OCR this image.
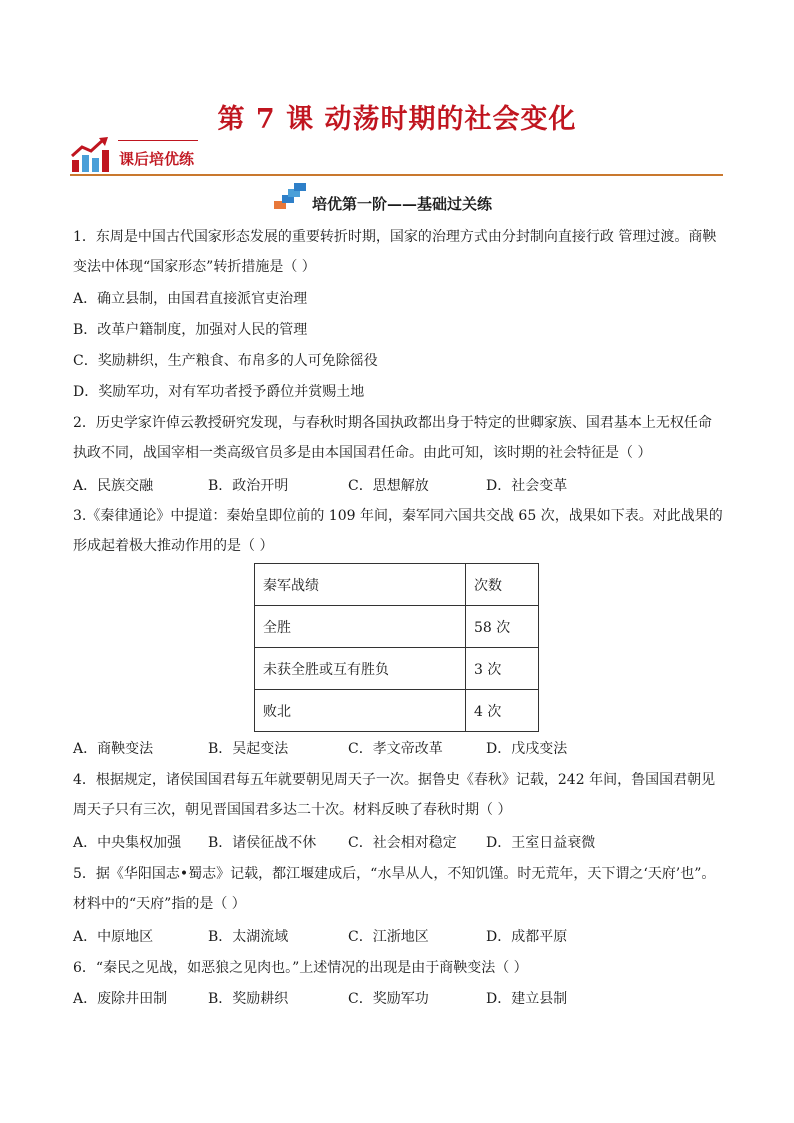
第 7 课 动荡时期的社会变化
课后培优练
培优第一阶——基础过关练

1．东周是中国古代国家形态发展的重要转折时期，国家的治理方式由分封制向直接行政 管理过渡。商鞅变法中体现“国家形态”转折措施是（ ）

A．确立县制，由国君直接派官吏治理
B．改革户籍制度，加强对人民的管理
C．奖励耕织，生产粮食、布帛多的人可免除徭役
D．奖励军功，对有军功者授予爵位并赏赐土地

2．历史学家许倬云教授研究发现，与春秋时期各国执政都出身于特定的世卿家族、国君基本上无权任命执政不同，战国宰相一类高级官员多是由本国国君任命。由此可知，该时期的社会特征是（ ）

A．民族交融	B．政治开明	C．思想解放	D．社会变革

3.《秦律通论》中提道：秦始皇即位前的 109 年间，秦军同六国共交战 65 次，战果如下表。对此战果的形成起着极大推动作用的是（ ）

秦军战绩	次数
全胜	58 次
未获全胜或互有胜负	3 次
败北	4 次
A．商鞅变法	B．吴起变法	C．孝文帝改革	D．戊戌变法

4．根据规定，诸侯国国君每五年就要朝见周天子一次。据鲁史《春秋》记载，242 年间，鲁国国君朝见周天子只有三次，朝见晋国国君多达二十次。材料反映了春秋时期（ ）

A．中央集权加强 B．诸侯征战不休 C．社会相对稳定 D．王室日益衰微

5．据《华阳国志•蜀志》记载，都江堰建成后，“水旱从人，不知饥馑。时无荒年，天下谓之‘天府’也”。材料中的“天府”指的是（ ）

A．中原地区	B．太湖流域	C．江浙地区	D．成都平原

6．“秦民之见战，如恶狼之见肉也。”上述情况的出现是由于商鞅变法（ ）

A．废除井田制	B．奖励耕织	C．奖励军功	D．建立县制
